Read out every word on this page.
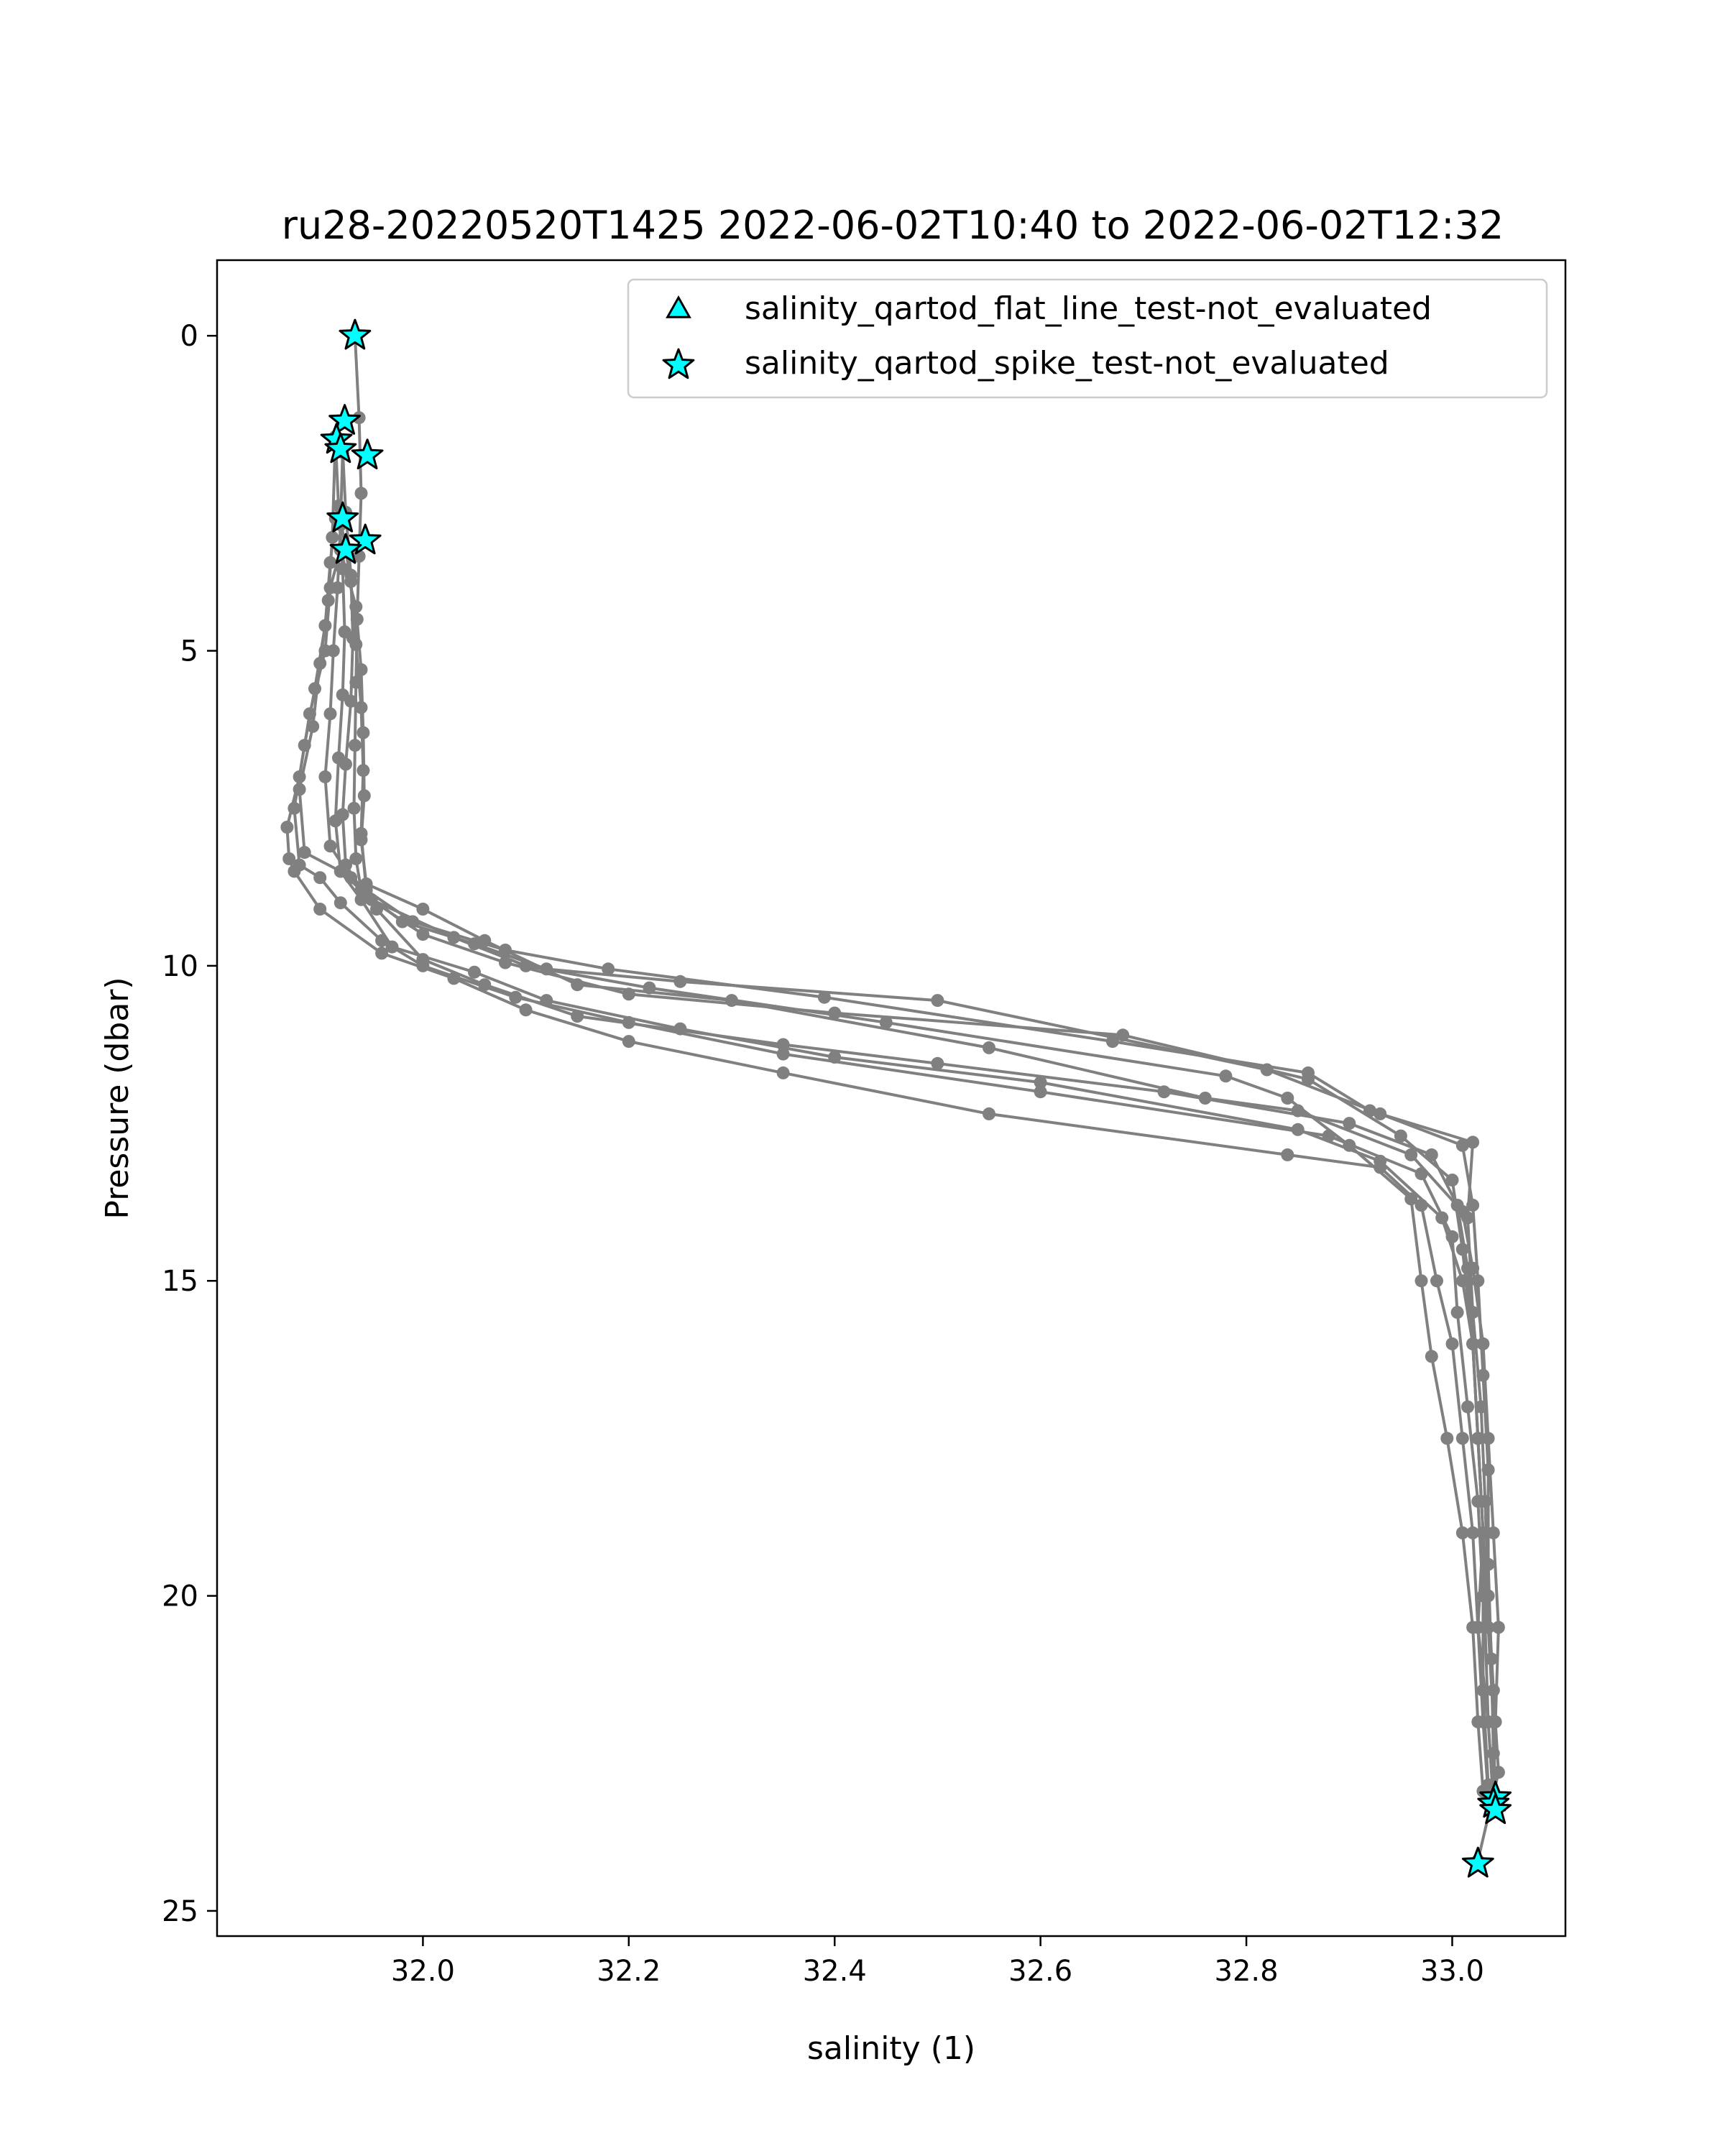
ru28-20220520T1425 2022-06-02T10:40 to 2022-06-02T12:32
32.0	32.2	32.4	32.6	32.8	33.0
0
5
10
15
20
25
salinity (1)
Pressure (dbar)
salinity_qartod_flat_line_test-not_evaluated
salinity_qartod_spike_test-not_evaluated
